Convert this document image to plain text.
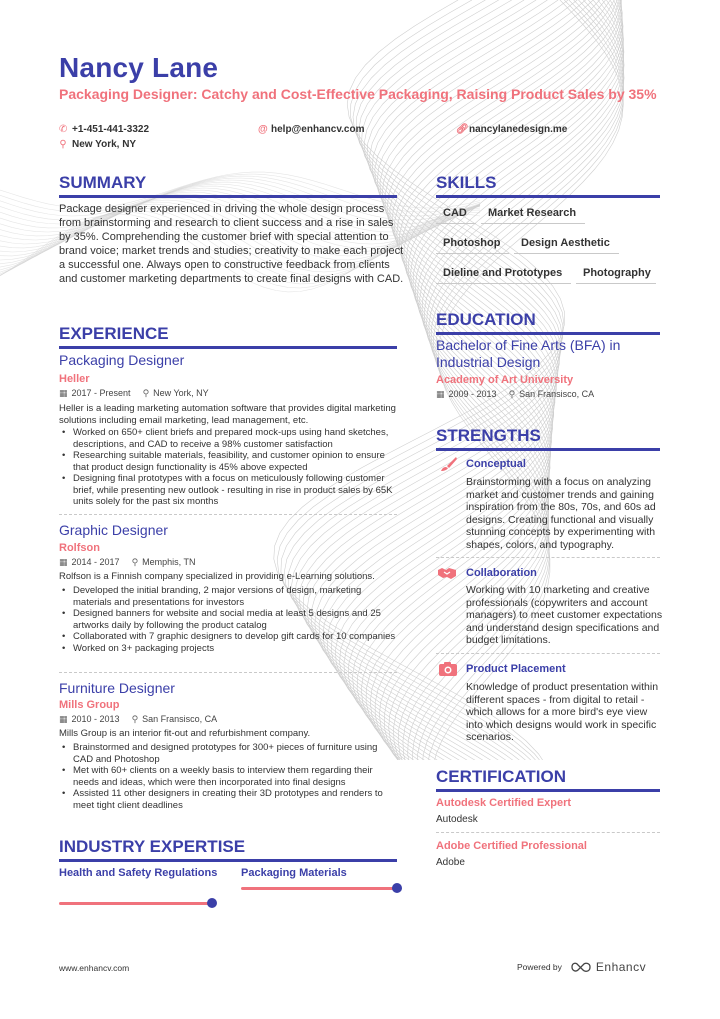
Nancy Lane
Packaging Designer: Catchy and Cost-Effective Packaging, Raising Product Sales by 35%
✆ +1-451-441-3322	@ help@enhancv.com	🔗︎ nancylanedesign.me
⚲ New York, NY
SUMMARY
Package designer experienced in driving the whole design process from brainstorming and research to client success and a rise in sales by 35%. Comprehending the customer brief with special attention to brand voice; market trends and studies; creativity to make each project a successful one. Always open to constructive feedback from clients and customer marketing departments to create final designs with CAD.
EXPERIENCE
Packaging Designer
Heller
▦ 2017 - Present ⚲ New York, NY
Heller is a leading marketing automation software that provides digital marketing solutions including email marketing, lead management, etc.
• Worked on 650+ client briefs and prepared mock-ups using hand sketches, descriptions, and CAD to receive a 98% customer satisfaction
• Researching suitable materials, feasibility, and customer opinion to ensure that product design functionality is 45% above expected
• Designing final prototypes with a focus on meticulously following customer brief, while presenting new outlook - resulting in rise in product sales by 65K units solely for the past six months
Graphic Designer
Rolfson
▦ 2014 - 2017 ⚲ Memphis, TN
Rolfson is a Finnish company specialized in providing e-Learning solutions.
• Developed the initial branding, 2 major versions of design, marketing materials and presentations for investors
• Designed banners for website and social media at least 5 designs and 25 artworks daily by following the product catalog
• Collaborated with 7 graphic designers to develop gift cards for 10 companies
• Worked on 3+ packaging projects
Furniture Designer
Mills Group
▦ 2010 - 2013 ⚲ San Fransisco, CA
Mills Group is an interior fit-out and refurbishment company.
• Brainstormed and designed prototypes for 300+ pieces of furniture using CAD and Photoshop
• Met with 60+ clients on a weekly basis to interview them regarding their needs and ideas, which were then incorporated into final designs
• Assisted 11 other designers in creating their 3D prototypes and renders to meet tight client deadlines
INDUSTRY EXPERTISE
Health and Safety Regulations Packaging Materials
SKILLS
CAD	Market Research
Photoshop	Design Aesthetic
Dieline and Prototypes	Photography
EDUCATION
Bachelor of Fine Arts (BFA) in Industrial Design
Academy of Art University
▦ 2009 - 2013 ⚲ San Fransisco, CA
STRENGTHS
Conceptual
Brainstorming with a focus on analyzing market and customer trends and gaining inspiration from the 80s, 70s, and 60s ad designs. Creating functional and visually stunning concepts by experimenting with shapes, colors, and typography.
Collaboration
Working with 10 marketing and creative professionals (copywriters and account managers) to meet customer expectations and understand design specifications and budget limitations.
Product Placement
Knowledge of product presentation within different spaces - from digital to retail - which allows for a more bird's eye view into which designs would work in specific scenarios.
CERTIFICATION
Autodesk Certified Expert
Autodesk
Adobe Certified Professional
Adobe
www.enhancv.com	Powered by	Enhancv
